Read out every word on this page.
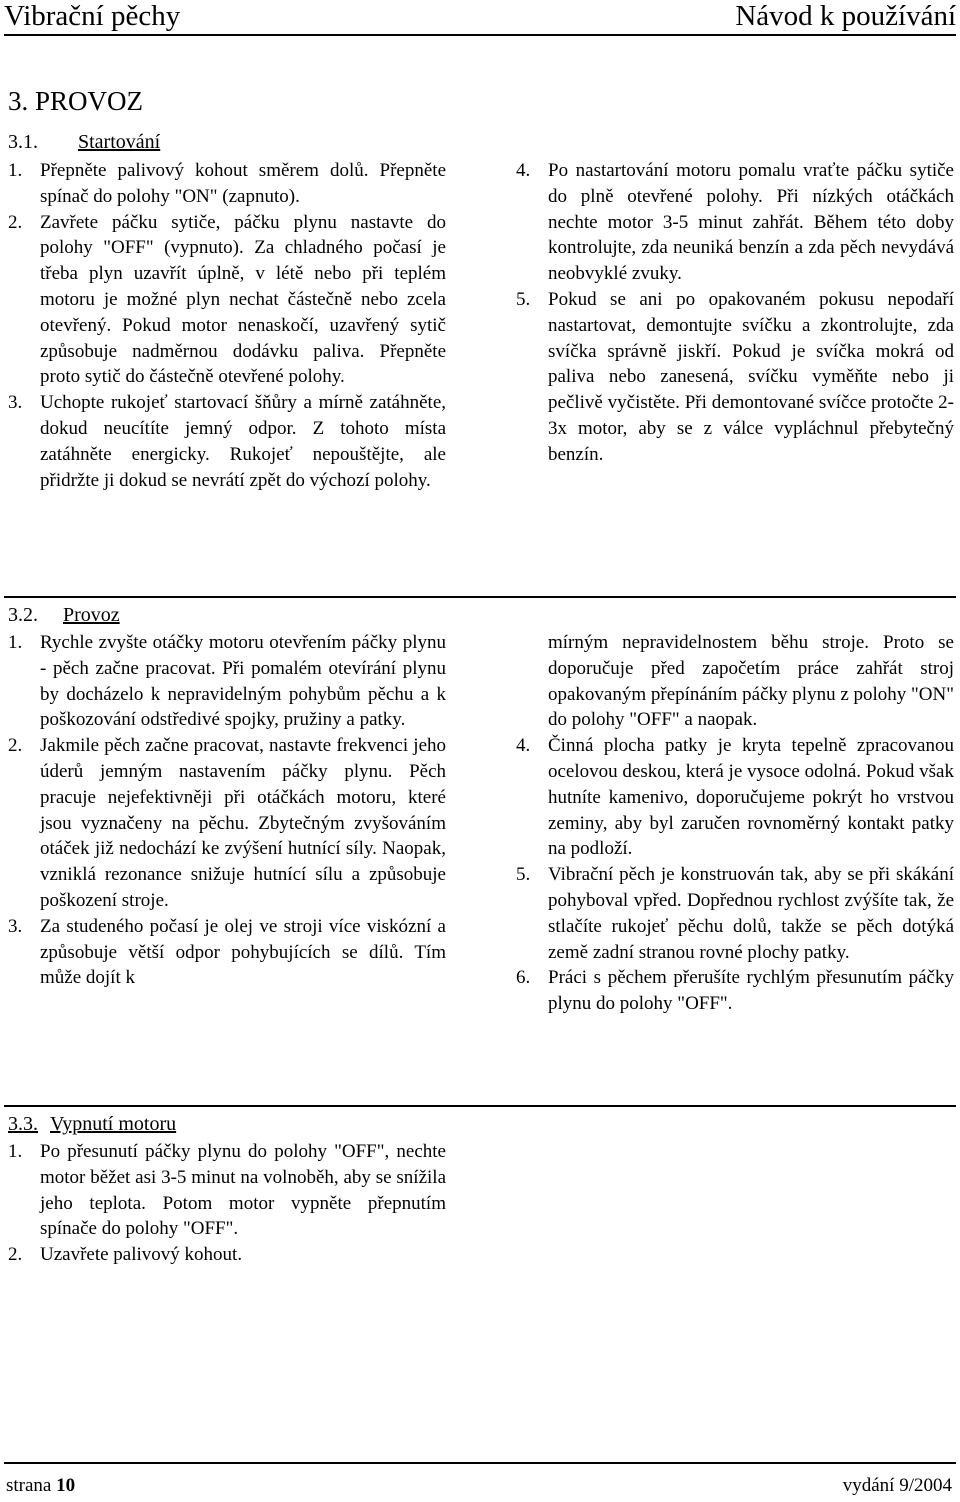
Vibrační pěchy	Návod k používání
3. PROVOZ
3.1. Startování
1. Přepněte palivový kohout směrem dolů. Přepněte spínač do polohy "ON" (zapnuto).

2. Zavřete páčku sytiče, páčku plynu nastavte do polohy "OFF" (vypnuto). Za chladného počasí je třeba plyn uzavřít úplně, v létě nebo při teplém motoru je možné plyn nechat částečně nebo zcela otevřený. Pokud motor nenaskočí, uzavřený sytič způsobuje nadměrnou dodávku paliva. Přepněte proto sytič do částečně otevřené polohy.

3. Uchopte rukojeť startovací šňůry a mírně zatáhněte, dokud neucítíte jemný odpor. Z tohoto místa zatáhněte energicky. Rukojeť nepouštějte, ale přidržte ji dokud se nevrátí zpět do výchozí polohy.

4. Po nastartování motoru pomalu vraťte páčku sytiče do plně otevřené polohy. Při nízkých otáčkách nechte motor 3-5 minut zahřát. Během této doby kontrolujte, zda neuniká benzín a zda pěch nevydává neobvyklé zvuky.

5. Pokud se ani po opakovaném pokusu nepodaří nastartovat, demontujte svíčku a zkontrolujte, zda svíčka správně jiskří. Pokud je svíčka mokrá od paliva nebo zanesená, svíčku vyměňte nebo ji pečlivě vyčistěte. Při demontované svíčce protočte 2-3x motor, aby se z válce vypláchnul přebytečný benzín.

3.2. Provoz
1. Rychle zvyšte otáčky motoru otevřením páčky plynu - pěch začne pracovat. Při pomalém otevírání plynu by docházelo k nepravidelným pohybům pěchu a k poškozování odstředivé spojky, pružiny a patky.

2. Jakmile pěch začne pracovat, nastavte frekvenci jeho úderů jemným nastavením páčky plynu. Pěch pracuje nejefektivněji při otáčkách motoru, které jsou vyznačeny na pěchu. Zbytečným zvyšováním otáček již nedochází ke zvýšení hutnící síly. Naopak, vzniklá rezonance snižuje hutnící sílu a způsobuje poškození stroje.

3. Za studeného počasí je olej ve stroji více viskózní a způsobuje větší odpor pohybujících se dílů. Tím může dojít k

mírným nepravidelnostem běhu stroje. Proto se doporučuje před započetím práce zahřát stroj opakovaným přepínáním páčky plynu z polohy "ON" do polohy "OFF" a naopak.

4. Činná plocha patky je kryta tepelně zpracovanou ocelovou deskou, která je vysoce odolná. Pokud však hutníte kamenivo, doporučujeme pokrýt ho vrstvou zeminy, aby byl zaručen rovnoměrný kontakt patky na podloží.

5. Vibrační pěch je konstruován tak, aby se při skákání pohyboval vpřed. Dopřednou rychlost zvýšíte tak, že stlačíte rukojeť pěchu dolů, takže se pěch dotýká země zadní stranou rovné plochy patky.

6. Práci s pěchem přerušíte rychlým přesunutím páčky plynu do polohy "OFF".

3.3. Vypnutí motoru
1. Po přesunutí páčky plynu do polohy "OFF", nechte motor běžet asi 3-5 minut na volnoběh, aby se snížila jeho teplota. Potom motor vypněte přepnutím spínače do polohy "OFF".

2. Uzavřete palivový kohout.

strana 10	vydání 9/2004
